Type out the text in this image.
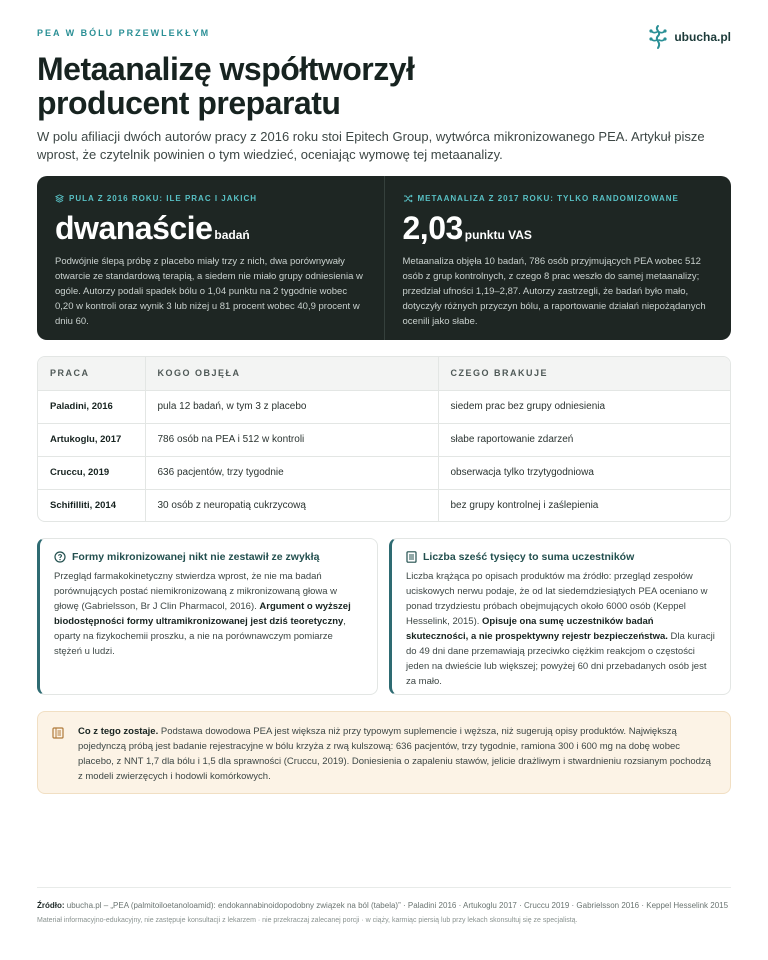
PEA W BÓLU PRZEWLEKŁYM	ubucha.pl
Metaanalizę współtworzył
producent preparatu

W polu afiliacji dwóch autorów pracy z 2016 roku stoi Epitech Group, wytwórca mikronizowanego PEA. Artykuł pisze wprost, że czytelnik powinien o tym wiedzieć, oceniając wymowę tej metaanalizy.

PULA Z 2016 ROKU: ILE PRAC I JAKICH
dwanaście badań

Podwójnie ślepą próbę z placebo miały trzy z nich, dwa porównywały otwarcie ze standardową terapią, a siedem nie miało grupy odniesienia w ogóle. Autorzy podali spadek bólu o 1,04 punktu na 2 tygodnie wobec 0,20 w kontroli oraz wynik 3 lub niżej u 81 procent wobec 40,9 procent w dniu 60.

METAANALIZA Z 2017 ROKU: TYLKO RANDOMIZOWANE
2,03 punktu VAS

Metaanaliza objęła 10 badań, 786 osób przyjmujących PEA wobec 512 osób z grup kontrolnych, z czego 8 prac weszło do samej metaanalizy; przedział ufności 1,19–2,87. Autorzy zastrzegli, że badań było mało, dotyczyły różnych przyczyn bólu, a raportowanie działań niepożądanych ocenili jako słabe.

PRACA	KOGO OBJĘŁA	CZEGO BRAKUJE
Paladini, 2016	pula 12 badań, w tym 3 z placebo	siedem prac bez grupy odniesienia
Artukoglu, 2017	786 osób na PEA i 512 w kontroli	słabe raportowanie zdarzeń
Cruccu, 2019	636 pacjentów, trzy tygodnie	obserwacja tylko trzytygodniowa
Schifilliti, 2014	30 osób z neuropatią cukrzycową	bez grupy kontrolnej i zaślepienia
Formy mikronizowanej nikt nie zestawił ze zwykłą

Przegląd farmakokinetyczny stwierdza wprost, że nie ma badań porównujących postać niemikronizowaną z mikronizowaną głowa w głowę (Gabrielsson, Br J Clin Pharmacol, 2016). Argument o wyższej biodostępności formy ultramikronizowanej jest dziś teoretyczny, oparty na fizykochemii proszku, a nie na porównawczym pomiarze stężeń u ludzi.

Liczba sześć tysięcy to suma uczestników

Liczba krążąca po opisach produktów ma źródło: przegląd zespołów uciskowych nerwu podaje, że od lat siedemdziesiątych PEA oceniano w ponad trzydziestu próbach obejmujących około 6000 osób (Keppel Hesselink, 2015). Opisuje ona sumę uczestników badań skuteczności, a nie prospektywny rejestr bezpieczeństwa. Dla kuracji do 49 dni dane przemawiają przeciwko ciężkim reakcjom o częstości jeden na dwieście lub większej; powyżej 60 dni przebadanych osób jest za mało.

Co z tego zostaje. Podstawa dowodowa PEA jest większa niż przy typowym suplemencie i węższa, niż sugerują opisy produktów. Największą pojedynczą próbą jest badanie rejestracyjne w bólu krzyża z rwą kulszową: 636 pacjentów, trzy tygodnie, ramiona 300 i 600 mg na dobę wobec placebo, z NNT 1,7 dla bólu i 1,5 dla sprawności (Cruccu, 2019). Doniesienia o zapaleniu stawów, jelicie drażliwym i stwardnieniu rozsianym pochodzą z modeli zwierzęcych i hodowli komórkowych.

Źródło: ubucha.pl – „PEA (palmitoiloetanoloamid): endokannabinoidopodobny związek na ból (tabela)” · Paladini 2016 · Artukoglu 2017 · Cruccu 2019 · Gabrielsson 2016 · Keppel Hesselink 2015

Materiał informacyjno-edukacyjny, nie zastępuje konsultacji z lekarzem · nie przekraczaj zalecanej porcji · w ciąży, karmiąc piersią lub przy lekach skonsultuj się ze specjalistą.
